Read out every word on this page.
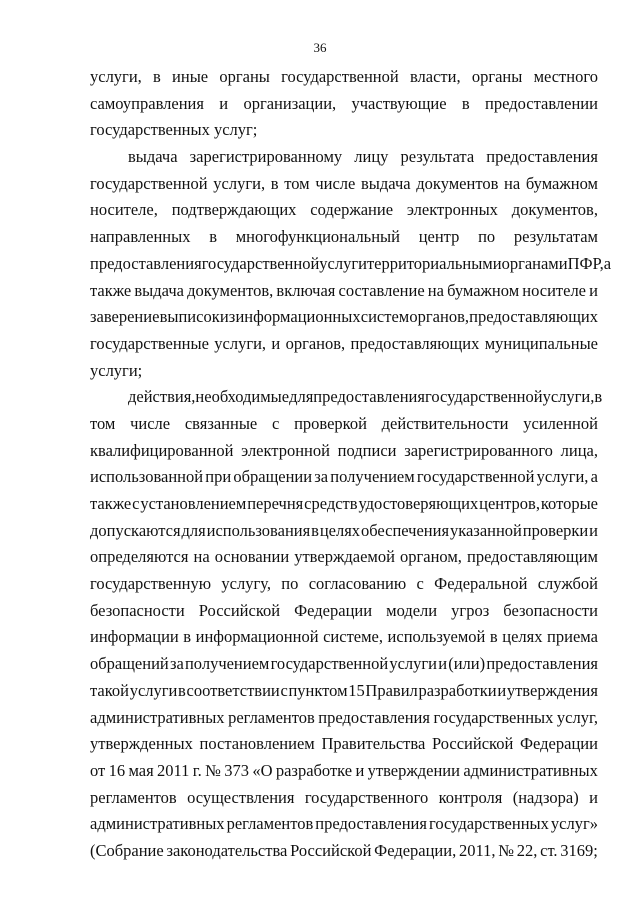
36
услуги, в иные органы государственной власти, органы местного
самоуправления и организации, участвующие в предоставлении
государственных услуг;
выдача зарегистрированному лицу результата предоставления
государственной услуги, в том числе выдача документов на бумажном
носителе, подтверждающих содержание электронных документов,
направленных в многофункциональный центр по результатам
предоставления государственной услуги территориальными органами ПФР, а
также выдача документов, включая составление на бумажном носителе и
заверение выписок из информационных систем органов, предоставляющих
государственные услуги, и органов, предоставляющих муниципальные
услуги;
действия, необходимые для предоставления государственной услуги, в
том числе связанные с проверкой действительности усиленной
квалифицированной электронной подписи зарегистрированного лица,
использованной при обращении за получением государственной услуги, а
также с установлением перечня средств удостоверяющих центров, которые
допускаются для использования в целях обеспечения указанной проверки и
определяются на основании утверждаемой органом, предоставляющим
государственную услугу, по согласованию с Федеральной службой
безопасности Российской Федерации модели угроз безопасности
информации в информационной системе, используемой в целях приема
обращений за получением государственной услуги и (или) предоставления
такой услуги в соответствии с пунктом 15 Правил разработки и утверждения
административных регламентов предоставления государственных услуг,
утвержденных постановлением Правительства Российской Федерации
от 16 мая 2011 г. № 373 «О разработке и утверждении административных
регламентов осуществления государственного контроля (надзора) и
административных регламентов предоставления государственных услуг»
(Собрание законодательства Российской Федерации, 2011, № 22, ст. 3169;
